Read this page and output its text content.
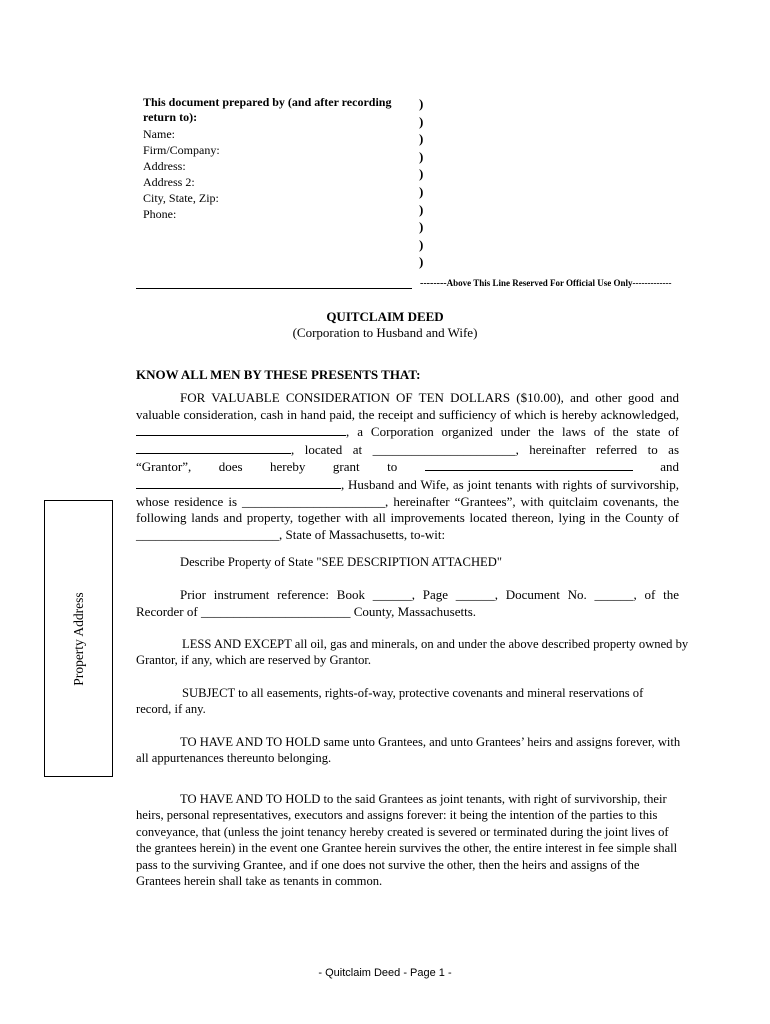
This document prepared by (and after recording return to):
Name:
Firm/Company:
Address:
Address 2:
City, State, Zip:
Phone:
)
)
)
)
)
)
)
)
)
)
--------Above This Line Reserved For Official Use Only-------------
QUITCLAIM DEED
(Corporation to Husband and Wife)
KNOW ALL MEN BY THESE PRESENTS THAT:

FOR VALUABLE CONSIDERATION OF TEN DOLLARS ($10.00), and other good and valuable consideration, cash in hand paid, the receipt and sufficiency of which is hereby acknowledged, , a Corporation organized under the laws of the state of , located at ______________________, hereinafter referred to as “Grantor”, does hereby grant to	and , Husband and Wife, as joint tenants with rights of survivorship, whose residence is ______________________, hereinafter “Grantees”, with quitclaim covenants, the following lands and property, together with all improvements located thereon, lying in the County of ______________________, State of Massachusetts, to-wit:

Describe Property of State "SEE DESCRIPTION ATTACHED"

Prior instrument reference: Book ______, Page ______, Document No. ______, of the Recorder of _______________________ County, Massachusetts.

LESS AND EXCEPT all oil, gas and minerals, on and under the above described property owned by Grantor, if any, which are reserved by Grantor.
SUBJECT to all easements, rights-of-way, protective covenants and mineral reservations of record, if any.
TO HAVE AND TO HOLD same unto Grantees, and unto Grantees’ heirs and assigns forever, with all appurtenances thereunto belonging.
TO HAVE AND TO HOLD to the said Grantees as joint tenants, with right of survivorship, their heirs, personal representatives, executors and assigns forever: it being the intention of the parties to this conveyance, that (unless the joint tenancy hereby created is severed or terminated during the joint lives of the grantees herein) in the event one Grantee herein survives the other, the entire interest in fee simple shall pass to the surviving Grantee, and if one does not survive the other, then the heirs and assigns of the Grantees herein shall take as tenants in common.
Property Address
- Quitclaim Deed - Page 1 -
